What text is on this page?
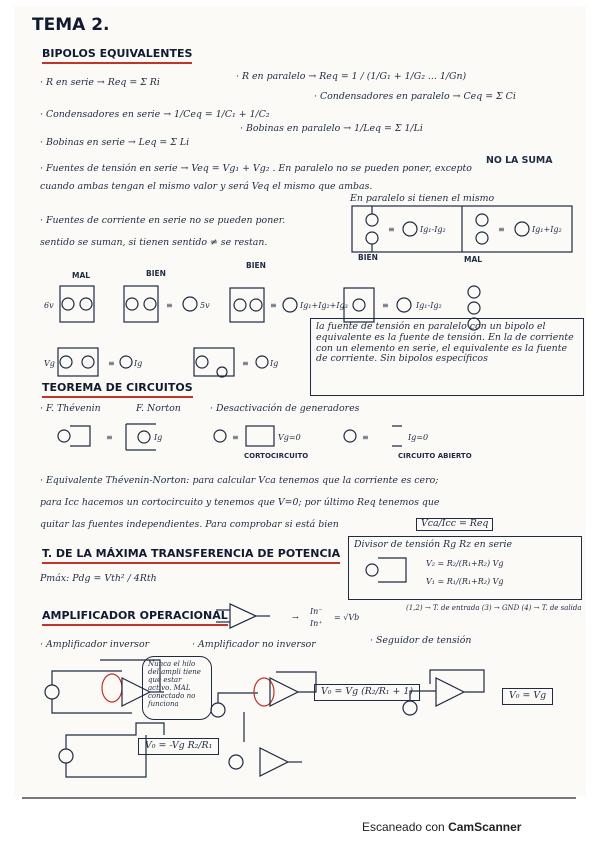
TEMA 2.
BIPOLOS EQUIVALENTES
· R en serie → Req = Σ Ri
· R en paralelo → Req = 1 / (1/G₁ + 1/G₂ ... 1/Gn)
· Condensadores en serie → 1/Ceq = 1/C₁ + 1/C₂
· Condensadores en paralelo → Ceq = Σ Ci
· Bobinas en serie → Leq = Σ Li
· Bobinas en paralelo → 1/Leq = Σ 1/Li
· Fuentes de tensión en serie → Veq = Vg₁ + Vg₂ . En paralelo no se pueden poner, excepto
NO LA SUMA
cuando ambas tengan el mismo valor y será Veq el mismo que ambas.
· Fuentes de corriente en serie no se pueden poner.
En paralelo si tienen el mismo
sentido se suman, si tienen sentido ≠ se restan.
≡	Ig₁-Ig₂	≡	Ig₁+Ig₂
MAL
MAL	BIEN
BIEN
BIEN
6v	≡	5v	≡	Ig₁+Ig₂+Ig₃	≡	Ig₁-Ig₂
Vg	≡ Ig	≡	Ig
la fuente de tensión en paralelo con un bipolo el equivalente es la fuente de tensión. En la de corriente con un elemento en serie, el equivalente es la fuente de corriente. Sin bipolos específicos
TEOREMA DE CIRCUITOS
· F. Thévenin	F. Norton	· Desactivación de generadores
≡	Ig	≡	Vg=0	≡	Ig=0
CORTOCIRCUITO	CIRCUITO ABIERTO
· Equivalente Thévenin-Norton: para calcular Vca tenemos que la corriente es cero;
para Icc hacemos un cortocircuito y tenemos que V=0; por último Req tenemos que
quitar las fuentes independientes. Para comprobar si está bien	Vca/Icc = Req
Divisor de tensión Rg Rz en serie
V₂ = R₂/(R₁+R₂) Vg
V₁ = R₁/(R₁+R₂) Vg
T. DE LA MÁXIMA TRANSFERENCIA DE POTENCIA
Pmáx: Pdg = Vth² / 4Rth
AMPLIFICADOR OPERACIONAL	→
In⁻
In⁺
= √Vb
(1,2) → T. de entrada (3) → GND (4) → T. de salida
· Amplificador inversor	· Amplificador no inversor	· Seguidor de tensión
Nunca el hilo del ampli tiene que estar activo. MAL conectado no funciona
V₀ = Vg (R₂/R₁ + 1)	V₀ = Vg
V₀ = -Vg R₂/R₁
Escaneado con CamScanner
